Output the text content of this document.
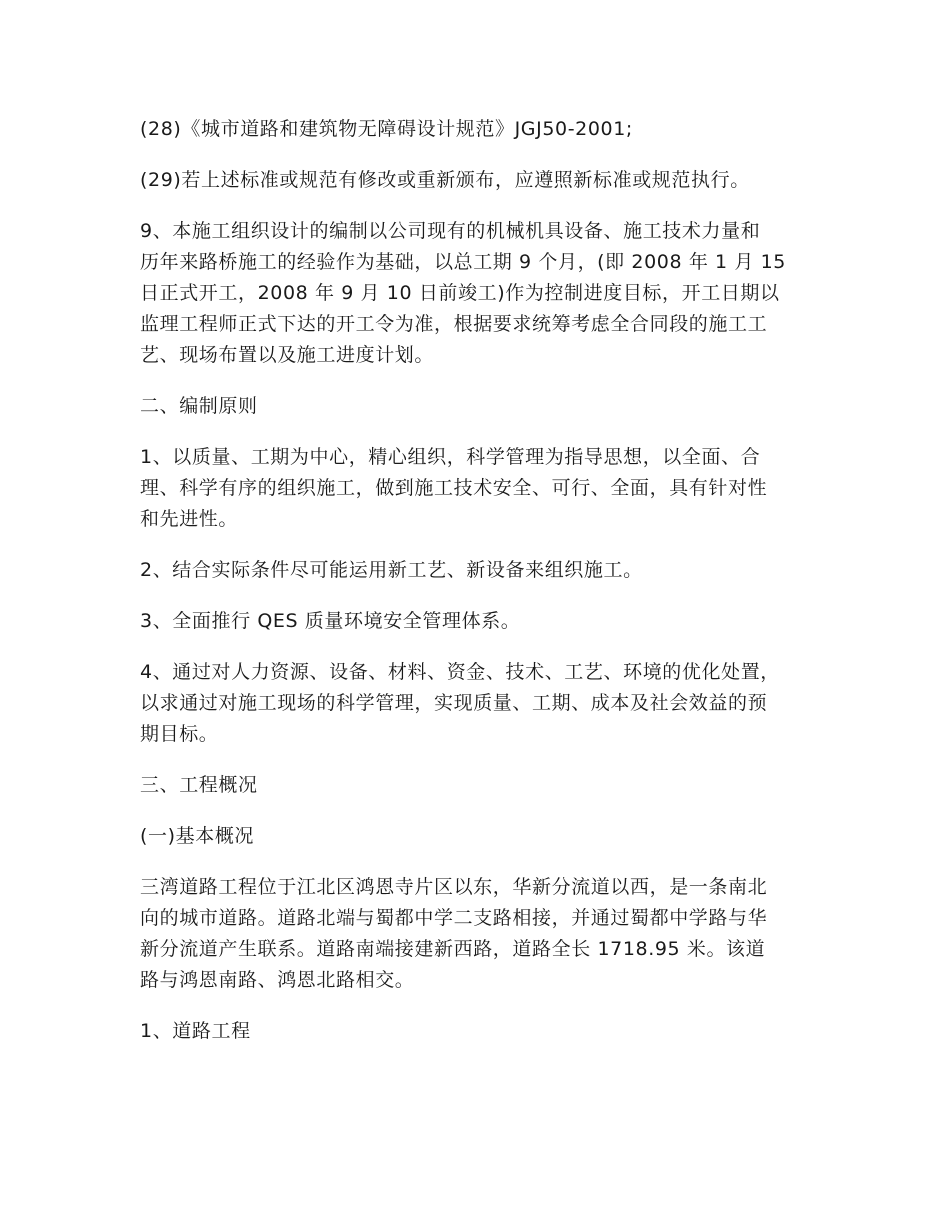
(28)《城市道路和建筑物无障碍设计规范》JGJ50-2001;

(29)若上述标准或规范有修改或重新颁布，应遵照新标准或规范执行。

9、本施工组织设计的编制以公司现有的机械机具设备、施工技术力量和
历年来路桥施工的经验作为基础，以总工期 9 个月，(即 2008 年 1 月 15
日正式开工，2008 年 9 月 10 日前竣工)作为控制进度目标，开工日期以
监理工程师正式下达的开工令为准，根据要求统筹考虑全合同段的施工工
艺、现场布置以及施工进度计划。

二、编制原则

1、以质量、工期为中心，精心组织，科学管理为指导思想，以全面、合
理、科学有序的组织施工，做到施工技术安全、可行、全面，具有针对性
和先进性。

2、结合实际条件尽可能运用新工艺、新设备来组织施工。

3、全面推行 QES 质量环境安全管理体系。

4、通过对人力资源、设备、材料、资金、技术、工艺、环境的优化处置，
以求通过对施工现场的科学管理，实现质量、工期、成本及社会效益的预
期目标。

三、工程概况

(一)基本概况

三湾道路工程位于江北区鸿恩寺片区以东，华新分流道以西，是一条南北
向的城市道路。道路北端与蜀都中学二支路相接，并通过蜀都中学路与华
新分流道产生联系。道路南端接建新西路，道路全长 1718.95 米。该道
路与鸿恩南路、鸿恩北路相交。

1、道路工程
